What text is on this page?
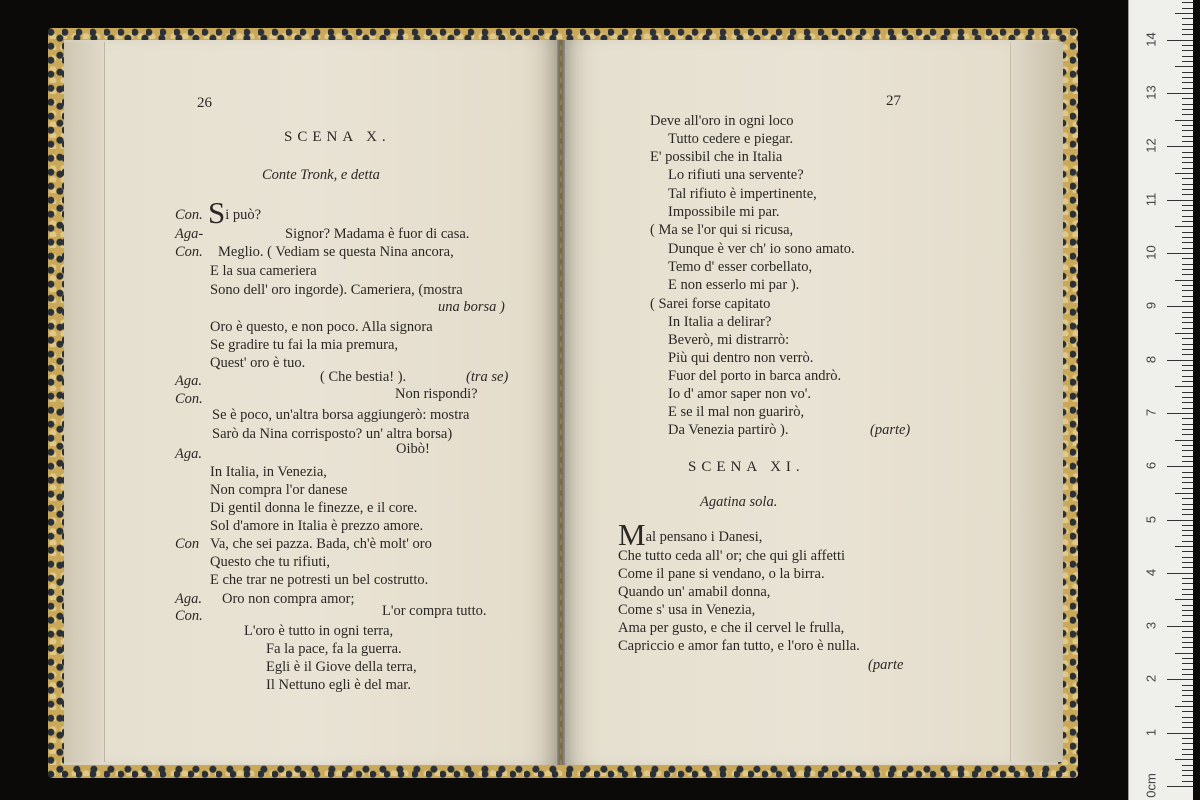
26
SCENA X.
Conte Tronk, e detta
Con. Si può?
Aga-	Signor? Madama è fuor di casa.
Con. Meglio. ( Vediam se questa Nina ancora,
E la sua cameriera
Sono dell' oro ingorde). Cameriera, (mostra
una borsa )
Oro è questo, e non poco. Alla signora
Se gradire tu fai la mia premura,
Quest' oro è tuo.
Aga.	( Che bestia! ).	(tra se)
Con.	Non rispondi?
Se è poco, un'altra borsa aggiungerò: mostra
Sarò da Nina corrisposto? un' altra borsa)
Aga.	Oibò!
In Italia, in Venezia,
Non compra l'or danese
Di gentil donna le finezze, e il core.
Sol d'amore in Italia è prezzo amore.
Con Va, che sei pazza. Bada, ch'è molt' oro
Questo che tu rifiuti,
E che trar ne potresti un bel costrutto.
Aga. Oro non compra amor;
Con.	L'or compra tutto.
L'oro è tutto in ogni terra,
Fa la pace, fa la guerra.
Egli è il Giove della terra,
Il Nettuno egli è del mar.
27
Deve all'oro in ogni loco
Tutto cedere e piegar.
E' possibil che in Italia
Lo rifiuti una servente?
Tal rifiuto è impertinente,
Impossibile mi par.
( Ma se l'or qui si ricusa,
Dunque è ver ch' io sono amato.
Temo d' esser corbellato,
E non esserlo mi par ).
( Sarei forse capitato
In Italia a delirar?
Beverò, mi distrarrò:
Più qui dentro non verrò.
Fuor del porto in barca andrò.
Io d' amor saper non vo'.
E se il mal non guarirò,
Da Venezia partirò ).	(parte)
SCENA XI.
Agatina sola.
Mal pensano i Danesi,
Che tutto ceda all' or; che qui gli affetti
Come il pane si vendano, o la birra.
Quando un' amabil donna,
Come s' usa in Venezia,
Ama per gusto, e che il cervel le frulla,
Capriccio e amor fan tutto, e l'oro è nulla.
(parte
0cm
1
2
3
4
5
6
7
8
9
10
11
12
13
14
